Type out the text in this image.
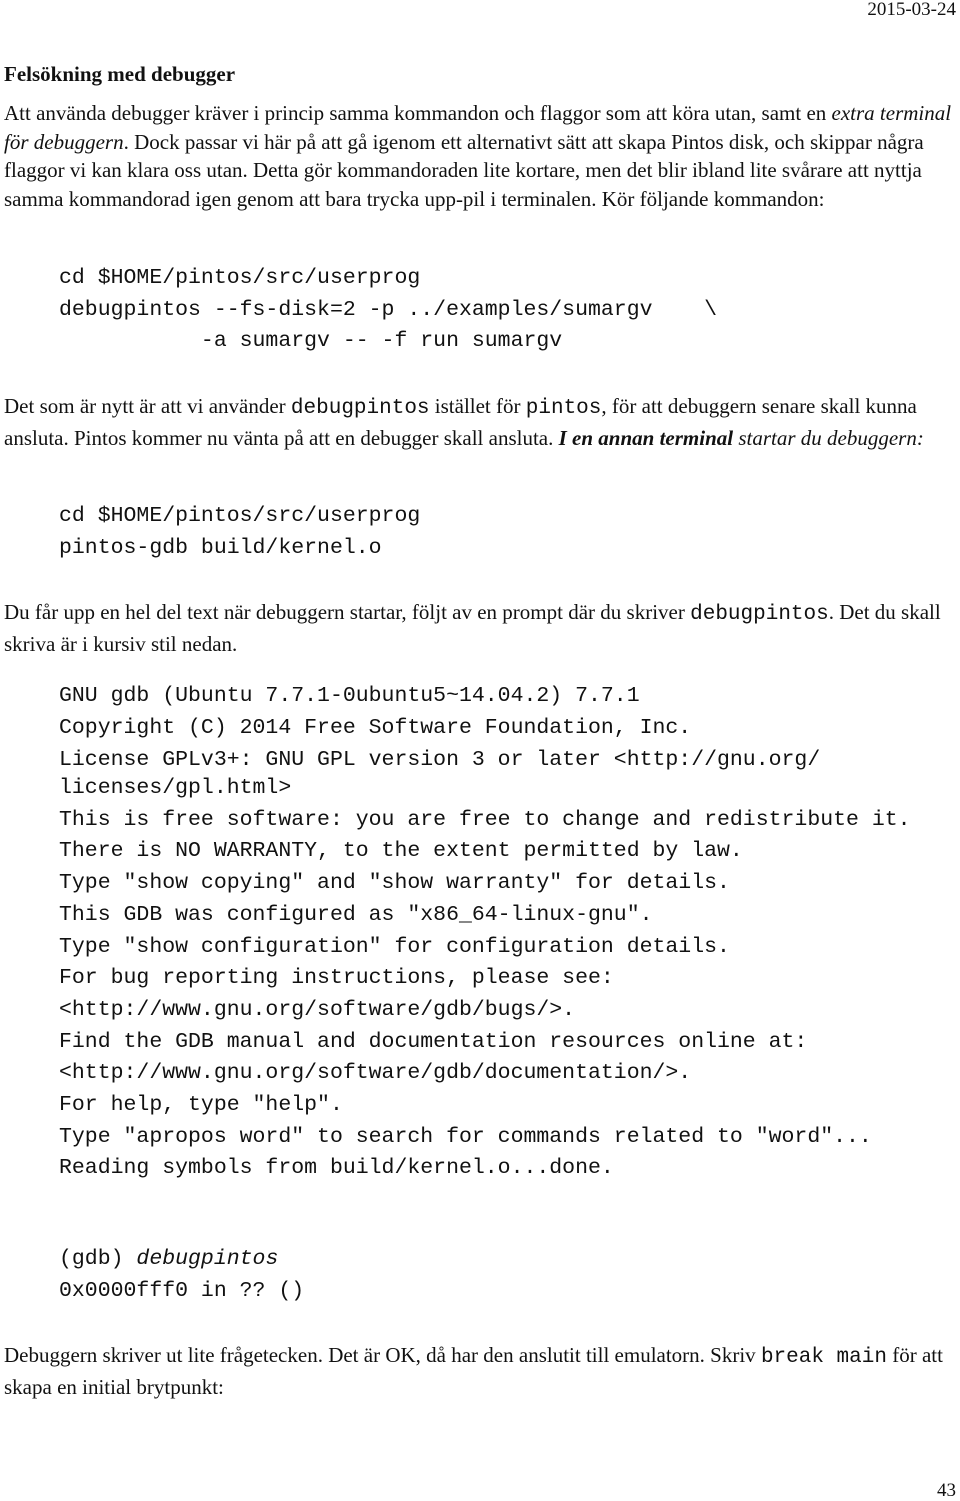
2015-03-24
Felsökning med debugger

Att använda debugger kräver i princip samma kommandon och flaggor som att köra utan, samt en extra terminal för debuggern. Dock passar vi här på att gå igenom ett alternativt sätt att skapa Pintos disk, och skippar några flaggor vi kan klara oss utan. Detta gör kommandoraden lite kortare, men det blir ibland lite svårare att nyttja samma kommandorad igen genom att bara trycka upp-pil i terminalen. Kör följande kommandon:

cd $HOME/pintos/src/userprog
debugpintos --fs-disk=2 -p ../examples/sumargv    \
-a sumargv -- -f run sumargv

Det som är nytt är att vi använder debugpintos istället för pintos, för att debuggern senare skall kunna ansluta. Pintos kommer nu vänta på att en debugger skall ansluta. I en annan terminal startar du debuggern:

cd $HOME/pintos/src/userprog
pintos-gdb build/kernel.o

Du får upp en hel del text när debuggern startar, följt av en prompt där du skriver debugpintos. Det du skall skriva är i kursiv stil nedan.

GNU gdb (Ubuntu 7.7.1-0ubuntu5~14.04.2) 7.7.1
Copyright (C) 2014 Free Software Foundation, Inc.
License GPLv3+: GNU GPL version 3 or later <http://gnu.org/ licenses/gpl.html>
This is free software: you are free to change and redistribute it.
There is NO WARRANTY, to the extent permitted by law.
Type "show copying" and "show warranty" for details.
This GDB was configured as "x86_64-linux-gnu".
Type "show configuration" for configuration details.
For bug reporting instructions, please see:
<http://www.gnu.org/software/gdb/bugs/>.
Find the GDB manual and documentation resources online at:
<http://www.gnu.org/software/gdb/documentation/>.
For help, type "help".
Type "apropos word" to search for commands related to "word"...
Reading symbols from build/kernel.o...done.
(gdb) debugpintos
0x0000fff0 in ?? ()

Debuggern skriver ut lite frågetecken. Det är OK, då har den anslutit till emulatorn. Skriv break main för att skapa en initial brytpunkt:

43
